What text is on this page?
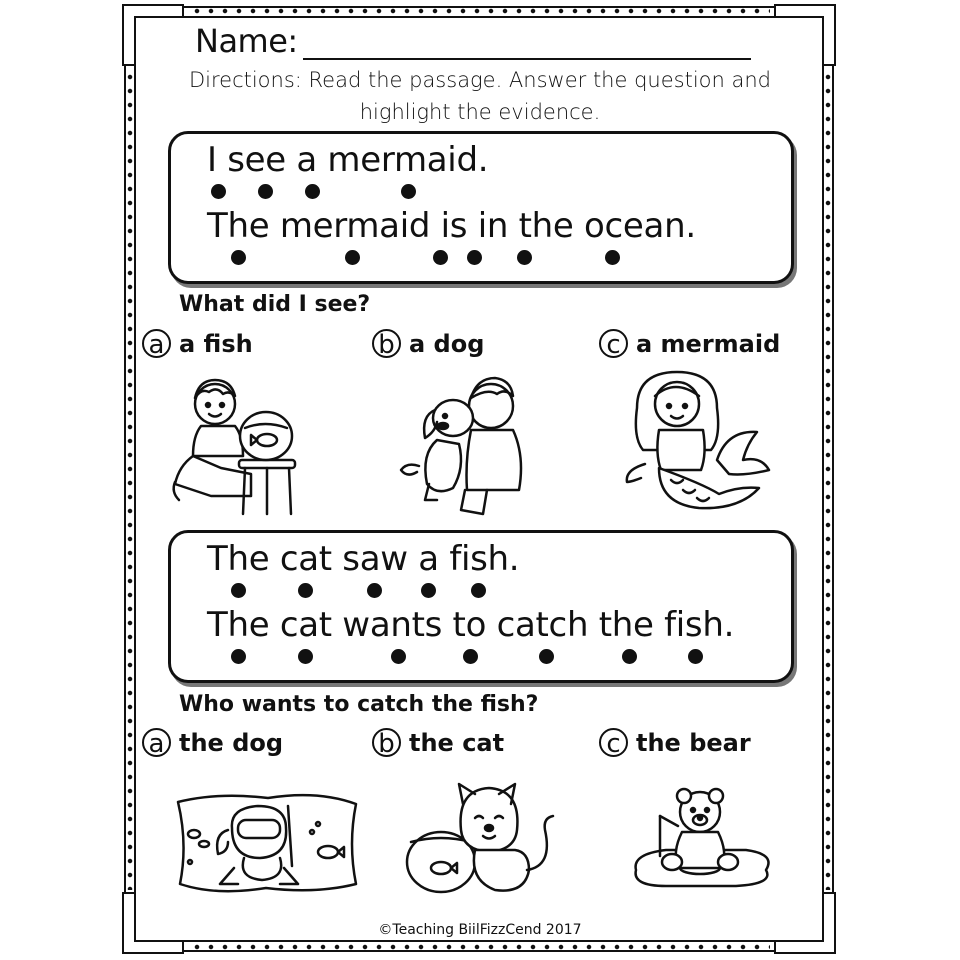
Name:
Directions: Read the passage. Answer the question and highlight the evidence.
I see a mermaid.
The mermaid is in the ocean.
What did I see?
a a fish	b a dog	c a mermaid
The cat saw a fish.
The cat wants to catch the fish.
Who wants to catch the fish?
a the dog	b the cat	c the bear
©Teaching BiilFizzCend 2017
